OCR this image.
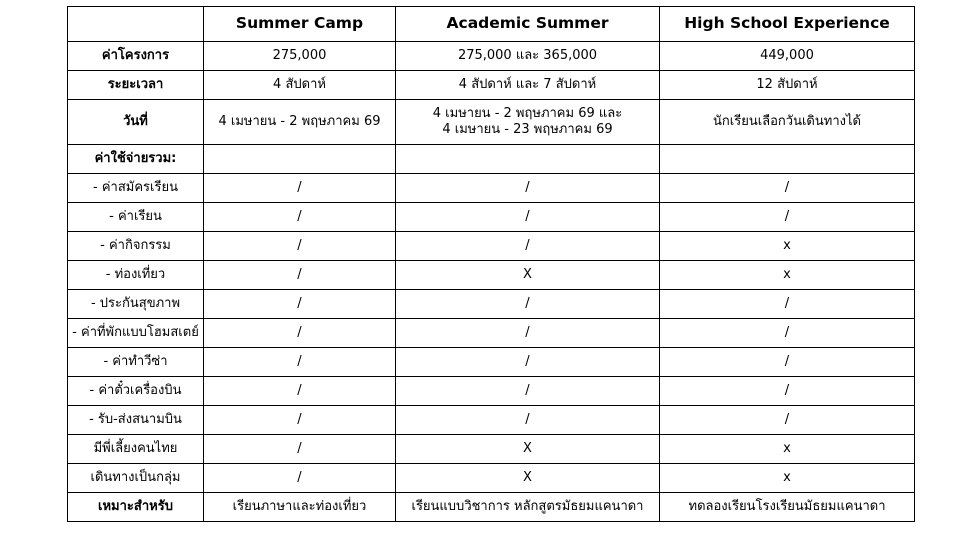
	Summer Camp	Academic Summer	High School Experience
ค่าโครงการ	275,000	275,000 และ 365,000	449,000
ระยะเวลา	4 สัปดาห์	4 สัปดาห์ และ 7 สัปดาห์	12 สัปดาห์
วันที่	4 เมษายน - 2 พฤษภาคม 69	4 เมษายน - 2 พฤษภาคม 69 และ
4 เมษายน - 23 พฤษภาคม 69	นักเรียนเลือกวันเดินทางได้
ค่าใช้จ่ายรวม:			
- ค่าสมัครเรียน	/	/	/
- ค่าเรียน	/	/	/
- ค่ากิจกรรม	/	/	x
- ท่องเที่ยว	/	X	x
- ประกันสุขภาพ	/	/	/
- ค่าที่พักแบบโฮมสเตย์	/	/	/
- ค่าทำวีซ่า	/	/	/
- ค่าตั๋วเครื่องบิน	/	/	/
- รับ-ส่งสนามบิน	/	/	/
มีพี่เลี้ยงคนไทย	/	X	x
เดินทางเป็นกลุ่ม	/	X	x
เหมาะสำหรับ	เรียนภาษาและท่องเที่ยว	เรียนแบบวิชาการ หลักสูตรมัธยมแคนาดา	ทดลองเรียนโรงเรียนมัธยมแคนาดา
